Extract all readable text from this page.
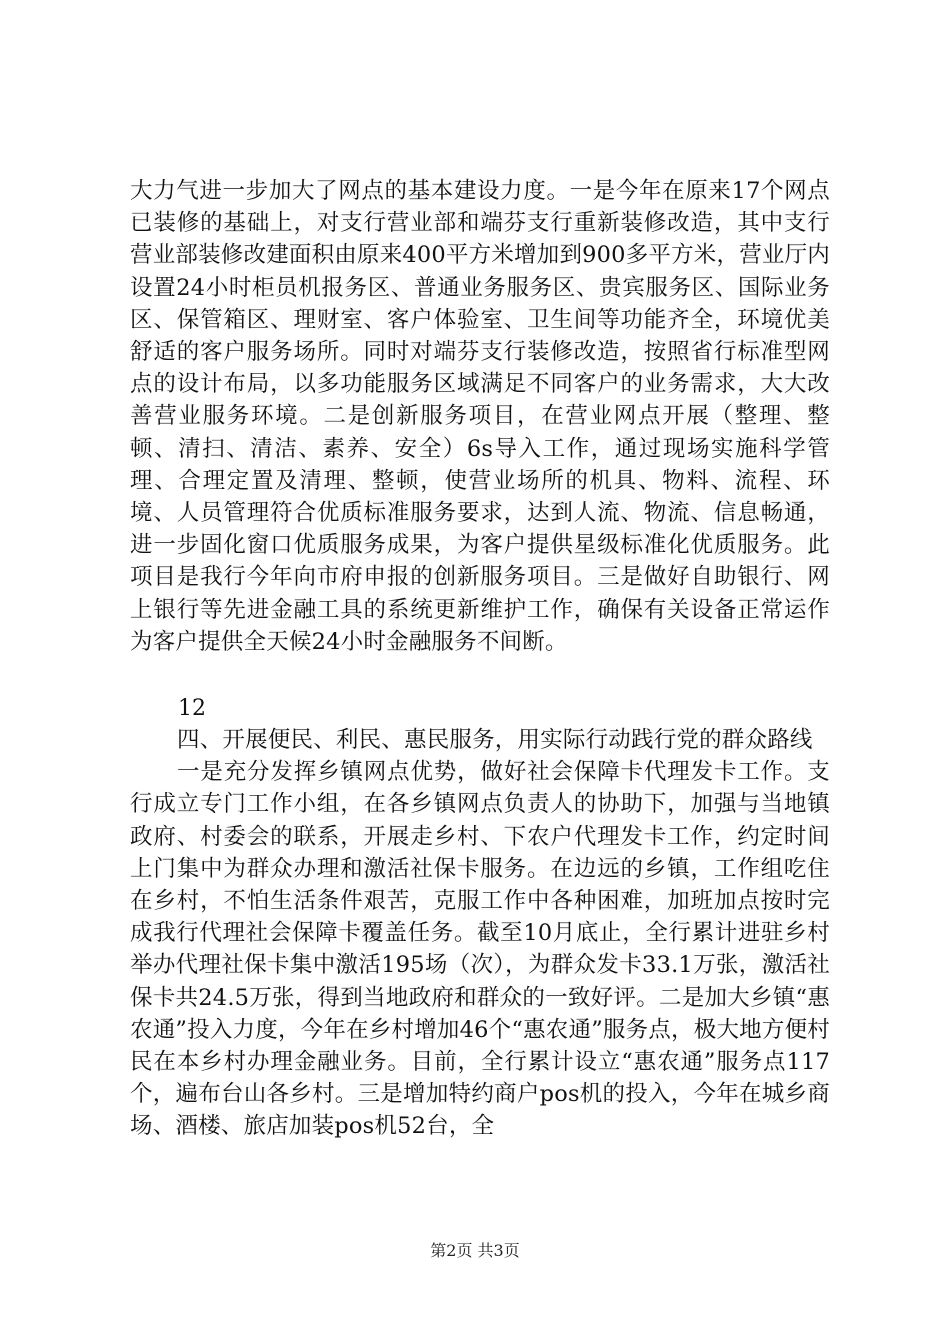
大力气进一步加大了网点的基本建设力度。一是今年在原来17个网点已装修的基础上，对支行营业部和端芬支行重新装修改造，其中支行营业部装修改建面积由原来400平方米增加到900多平方米，营业厅内设置24小时柜员机报务区、普通业务服务区、贵宾服务区、国际业务区、保管箱区、理财室、客户体验室、卫生间等功能齐全，环境优美舒适的客户服务场所。同时对端芬支行装修改造，按照省行标准型网点的设计布局，以多功能服务区域满足不同客户的业务需求，大大改善营业服务环境。二是创新服务项目，在营业网点开展（整理、整顿、清扫、清洁、素养、安全）6s导入工作，通过现场实施科学管理、合理定置及清理、整顿，使营业场所的机具、物料、流程、环境、人员管理符合优质标准服务要求，达到人流、物流、信息畅通，进一步固化窗口优质服务成果，为客户提供星级标准化优质服务。此项目是我行今年向市府申报的创新服务项目。三是做好自助银行、网上银行等先进金融工具的系统更新维护工作，确保有关设备正常运作为客户提供全天候24小时金融服务不间断。

12

四、开展便民、利民、惠民服务，用实际行动践行党的群众路线

一是充分发挥乡镇网点优势，做好社会保障卡代理发卡工作。支行成立专门工作小组，在各乡镇网点负责人的协助下，加强与当地镇政府、村委会的联系，开展走乡村、下农户代理发卡工作，约定时间上门集中为群众办理和激活社保卡服务。在边远的乡镇，工作组吃住在乡村，不怕生活条件艰苦，克服工作中各种困难，加班加点按时完成我行代理社会保障卡覆盖任务。截至10月底止，全行累计进驻乡村举办代理社保卡集中激活195场（次），为群众发卡33.1万张，激活社保卡共24.5万张，得到当地政府和群众的一致好评。二是加大乡镇“惠农通”投入力度，今年在乡村增加46个“惠农通”服务点，极大地方便村民在本乡村办理金融业务。目前，全行累计设立“惠农通”服务点117个，遍布台山各乡村。三是增加特约商户pos机的投入，今年在城乡商场、酒楼、旅店加装pos机52台，全

第2页 共3页
